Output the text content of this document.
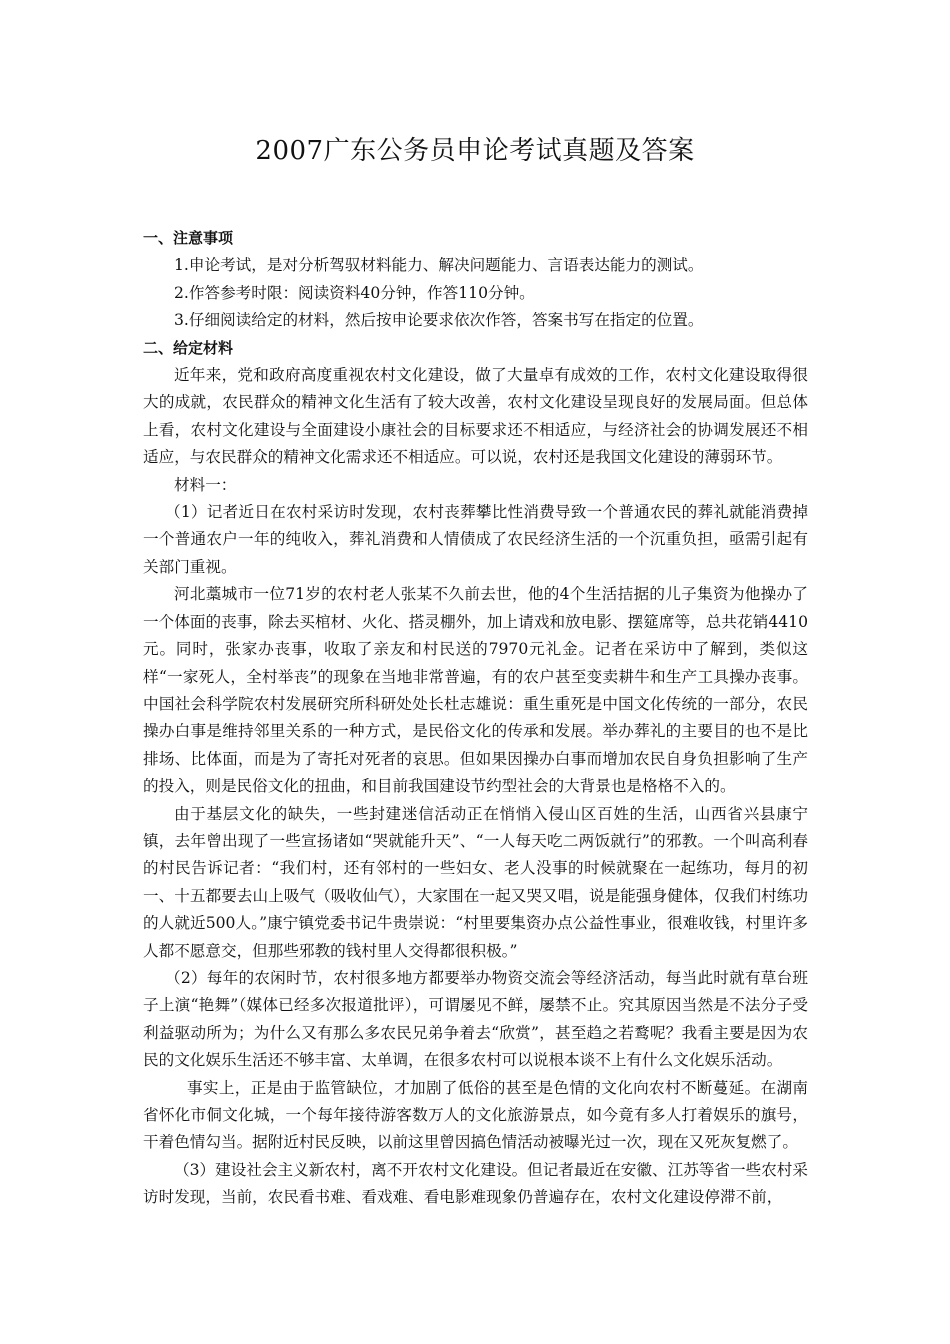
2007广东公务员申论考试真题及答案

一、注意事项

1.申论考试，是对分析驾驭材料能力、解决问题能力、言语表达能力的测试。

2.作答参考时限：阅读资料40分钟，作答110分钟。

3.仔细阅读给定的材料，然后按申论要求依次作答，答案书写在指定的位置。

二、给定材料

近年来，党和政府高度重视农村文化建设，做了大量卓有成效的工作，农村文化建设取得很大的成就，农民群众的精神文化生活有了较大改善，农村文化建设呈现良好的发展局面。但总体上看，农村文化建设与全面建设小康社会的目标要求还不相适应，与经济社会的协调发展还不相适应，与农民群众的精神文化需求还不相适应。可以说，农村还是我国文化建设的薄弱环节。

材料一：

（1）记者近日在农村采访时发现，农村丧葬攀比性消费导致一个普通农民的葬礼就能消费掉一个普通农户一年的纯收入，葬礼消费和人情债成了农民经济生活的一个沉重负担，亟需引起有关部门重视。

河北藁城市一位71岁的农村老人张某不久前去世，他的4个生活拮据的儿子集资为他操办了一个体面的丧事，除去买棺材、火化、搭灵棚外，加上请戏和放电影、摆筵席等，总共花销4410元。同时，张家办丧事，收取了亲友和村民送的7970元礼金。记者在采访中了解到，类似这样“一家死人，全村举丧”的现象在当地非常普遍，有的农户甚至变卖耕牛和生产工具操办丧事。中国社会科学院农村发展研究所科研处处长杜志雄说：重生重死是中国文化传统的一部分，农民操办白事是维持邻里关系的一种方式，是民俗文化的传承和发展。举办葬礼的主要目的也不是比排场、比体面，而是为了寄托对死者的哀思。但如果因操办白事而增加农民自身负担影响了生产的投入，则是民俗文化的扭曲，和目前我国建设节约型社会的大背景也是格格不入的。

由于基层文化的缺失，一些封建迷信活动正在悄悄入侵山区百姓的生活，山西省兴县康宁镇，去年曾出现了一些宣扬诸如“哭就能升天”、“一人每天吃二两饭就行”的邪教。一个叫高利春的村民告诉记者：“我们村，还有邻村的一些妇女、老人没事的时候就聚在一起练功，每月的初一、十五都要去山上吸气（吸收仙气），大家围在一起又哭又唱，说是能强身健体，仅我们村练功的人就近500人。”康宁镇党委书记牛贵崇说：“村里要集资办点公益性事业，很难收钱，村里许多人都不愿意交，但那些邪教的钱村里人交得都很积极。”

（2）每年的农闲时节，农村很多地方都要举办物资交流会等经济活动，每当此时就有草台班子上演“艳舞”（媒体已经多次报道批评），可谓屡见不鲜，屡禁不止。究其原因当然是不法分子受利益驱动所为；为什么又有那么多农民兄弟争着去“欣赏”，甚至趋之若鹜呢？我看主要是因为农民的文化娱乐生活还不够丰富、太单调，在很多农村可以说根本谈不上有什么文化娱乐活动。

事实上，正是由于监管缺位，才加剧了低俗的甚至是色情的文化向农村不断蔓延。在湖南省怀化市侗文化城，一个每年接待游客数万人的文化旅游景点，如今竟有多人打着娱乐的旗号，干着色情勾当。据附近村民反映，以前这里曾因搞色情活动被曝光过一次，现在又死灰复燃了。

（3）建设社会主义新农村，离不开农村文化建设。但记者最近在安徽、江苏等省一些农村采访时发现，当前，农民看书难、看戏难、看电影难现象仍普遍存在，农村文化建设停滞不前，
